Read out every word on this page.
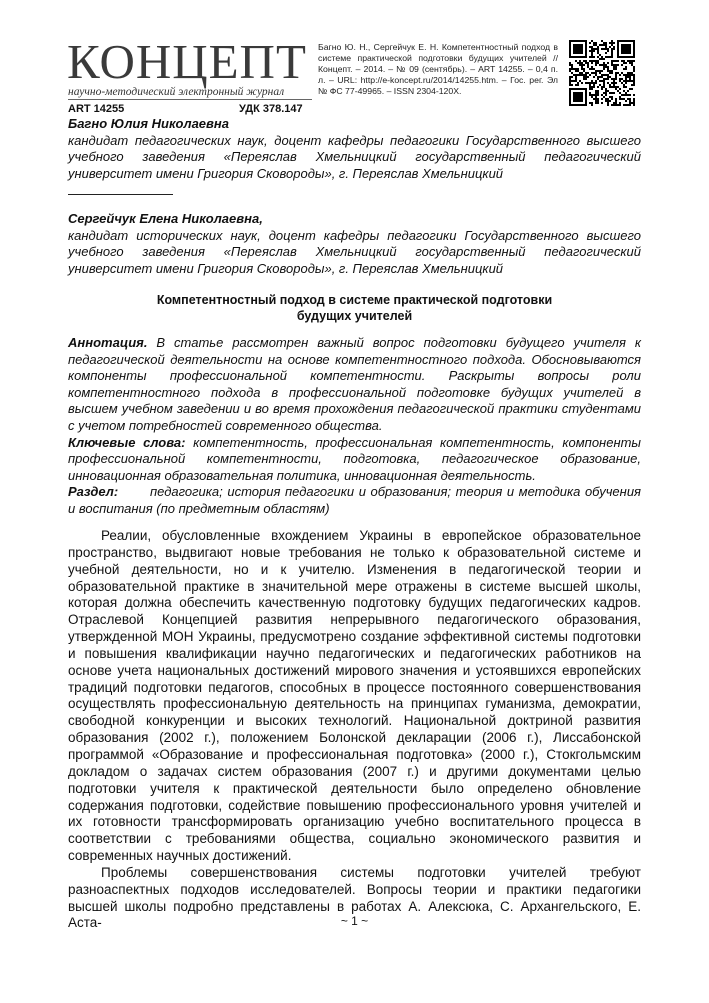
КОНЦЕПТ
научно-методический электронный журнал
ART 14255	УДК 378.147
Багно Ю. Н., Сергейчук Е. Н. Компетентностный подход в системе практической подготовки будущих учителей // Концепт. – 2014. – № 09 (сентябрь). – ART 14255. – 0,4 п. л. – URL: http://e-koncept.ru/2014/14255.htm. – Гос. рег. Эл № ФС 77-49965. – ISSN 2304-120X.
Багно Юлия Николаевна
кандидат педагогических наук, доцент кафедры педагогики Государственного высшего учебного заведения «Переяслав Хмельницкий государственный педагогический университет имени Григория Сковороды», г. Переяслав Хмельницкий
Сергейчук Елена Николаевна,
кандидат исторических наук, доцент кафедры педагогики Государственного высшего учебного заведения «Переяслав Хмельницкий государственный педагогический университет имени Григория Сковороды», г. Переяслав Хмельницкий
Компетентностный подход в системе практической подготовки
будущих учителей
Аннотация. В статье рассмотрен важный вопрос подготовки будущего учителя к педагогической деятельности на основе компетентностного подхода. Обосновываются компоненты профессиональной компетентности. Раскрыты вопросы роли компетентностного подхода в профессиональной подготовке будущих учителей в высшем учебном заведении и во время прохождения педагогической практики студентами с учетом потребностей современного общества.
Ключевые слова: компетентность, профессиональная компетентность, компоненты профессиональной компетентности, подготовка, педагогическое образование, инновационная образовательная политика, инновационная деятельность.
Раздел: педагогика; история педагогики и образования; теория и методика обучения и воспитания (по предметным областям)

Реалии, обусловленные вхождением Украины в европейское образовательное пространство, выдвигают новые требования не только к образовательной системе и учебной деятельности, но и к учителю. Изменения в педагогической теории и образовательной практике в значительной мере отражены в системе высшей школы, которая должна обеспечить качественную подготовку будущих педагогических кадров. Отраслевой Концепцией развития непрерывного педагогического образования, утвержденной МОН Украины, предусмотрено создание эффективной системы подготовки и повышения квалификации научно педагогических и педагогических работников на основе учета национальных достижений мирового значения и устоявшихся европейских традиций подготовки педагогов, способных в процессе постоянного совершенствования осуществлять профессиональную деятельность на принципах гуманизма, демократии, свободной конкуренции и высоких технологий. Национальной доктриной развития образования (2002 г.), положением Болонской декларации (2006 г.), Лиссабонской программой «Образование и профессиональная подготовка» (2000 г.), Стокгольмским докладом о задачах систем образования (2007 г.) и другими документами целью подготовки учителя к практической деятельности было определено обновление содержания подготовки, содействие повышению профессионального уровня учителей и их готовности трансформировать организацию учебно воспитательного процесса в соответствии с требованиями общества, социально экономического развития и современных научных достижений.

Проблемы совершенствования системы подготовки учителей требуют разноаспектных подходов исследователей. Вопросы теории и практики педагогики высшей школы подробно представлены в работах А. Алексюка, С. Архангельского, Е. Аста-	~ 1 ~
